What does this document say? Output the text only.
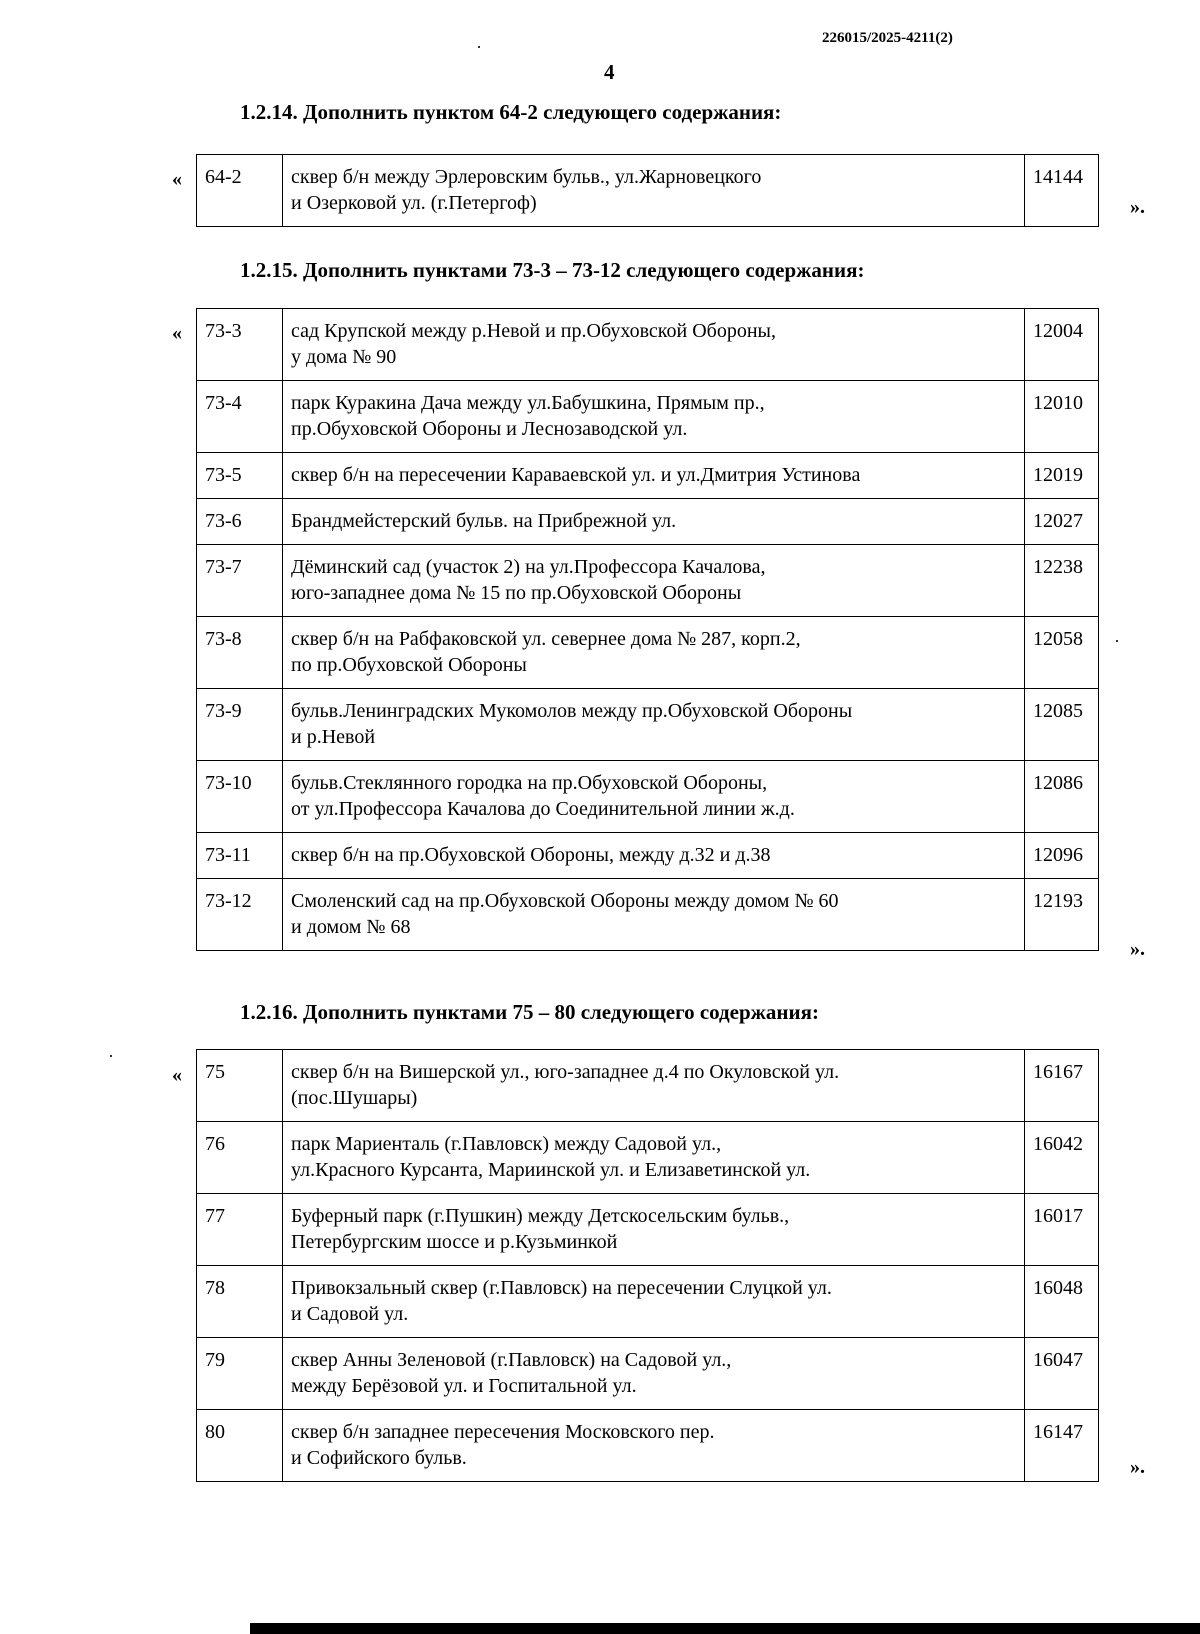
226015/2025-4211(2)
4
1.2.14. Дополнить пунктом 64-2 следующего содержания:
« 64-2	сквер б/н между Эрлеровским бульв., ул.Жарновецкого
и Озерковой ул. (г.Петергоф)
	14144
».
1.2.15. Дополнить пунктами 73-3 – 73-12 следующего содержания:
« 73-3	сад Крупской между р.Невой и пр.Обуховской Обороны,
у дома № 90	12004
73-4	парк Куракина Дача между ул.Бабушкина, Прямым пр.,
пр.Обуховской Обороны и Леснозаводской ул.	12010
73-5	сквер б/н на пересечении Караваевской ул. и ул.Дмитрия Устинова	12019
73-6	Брандмейстерский бульв. на Прибрежной ул.	12027
73-7	Дёминский сад (участок 2) на ул.Профессора Качалова,
юго-западнее дома № 15 по пр.Обуховской Обороны	12238
73-8	сквер б/н на Рабфаковской ул. севернее дома № 287, корп.2,
по пр.Обуховской Обороны	12058
73-9	бульв.Ленинградских Мукомолов между пр.Обуховской Обороны
и р.Невой	12085
73-10	бульв.Стеклянного городка на пр.Обуховской Обороны,
от ул.Профессора Качалова до Соединительной линии ж.д.	12086
73-11	сквер б/н на пр.Обуховской Обороны, между д.32 и д.38	12096
73-12	Смоленский сад на пр.Обуховской Обороны между домом № 60
и домом № 68	12193
».
1.2.16. Дополнить пунктами 75 – 80 следующего содержания:
« 75	сквер б/н на Вишерской ул., юго-западнее д.4 по Окуловской ул.
(пос.Шушары)	16167
76	парк Мариенталь (г.Павловск) между Садовой ул.,
ул.Красного Курсанта, Мариинской ул. и Елизаветинской ул.	16042
77	Буферный парк (г.Пушкин) между Детскосельским бульв.,
Петербургским шоссе и р.Кузьминкой	16017
78	Привокзальный сквер (г.Павловск) на пересечении Слуцкой ул.
и Садовой ул.	16048
79	сквер Анны Зеленовой (г.Павловск) на Садовой ул.,
между Берёзовой ул. и Госпитальной ул.	16047
80	сквер б/н западнее пересечения Московского пер.
и Софийского бульв.	16147
».
